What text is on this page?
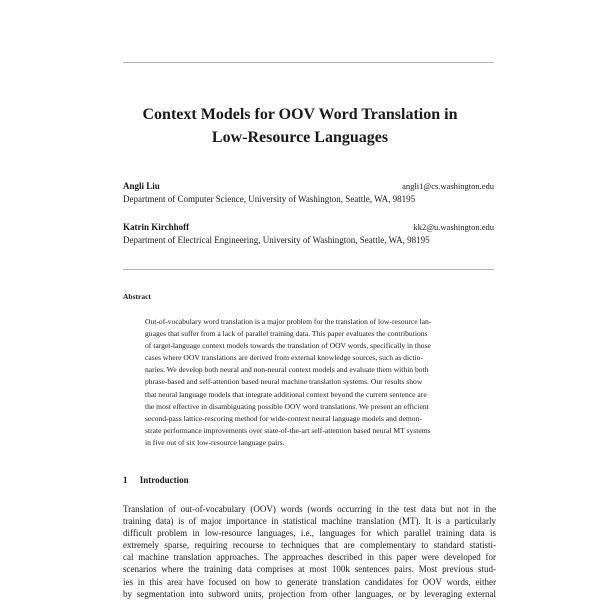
Context Models for OOV Word Translation in
Low-Resource Languages
Angli Liu	angli1@cs.washington.edu
Department of Computer Science, University of Washington, Seattle, WA, 98195
Katrin Kirchhoff	kk2@u.washington.edu
Department of Electrical Engineering, University of Washington, Seattle, WA, 98195
Abstract
Out-of-vocabulary word translation is a major problem for the translation of low-resource lan-
guages that suffer from a lack of parallel training data. This paper evaluates the contributions
of target-language context models towards the translation of OOV words, specifically in those
cases where OOV translations are derived from external knowledge sources, such as dictio-
naries. We develop both neural and non-neural context models and evaluate them within both
phrase-based and self-attention based neural machine translation systems. Our results show
that neural language models that integrate additional context beyond the current sentence are
the most effective in disambiguating possible OOV word translations. We present an efficient
second-pass lattice-rescoring method for wide-context neural language models and demon-
strate performance improvements over state-of-the-art self-attention based neural MT systems
in five out of six low-resource language pairs.
1 Introduction
Translation of out-of-vocabulary (OOV) words (words occurring in the test data but not in the
training data) is of major importance in statistical machine translation (MT). It is a particularly
difficult problem in low-resource languages, i.e., languages for which parallel training data is
extremely sparse, requiring recourse to techniques that are complementary to standard statisti-
cal machine translation approaches. The approaches described in this paper were developed for
scenarios where the training data comprises at most 100k sentences pairs. Most previous stud-
ies in this area have focused on how to generate translation candidates for OOV words, either
by segmentation into subword units, projection from other languages, or by leveraging external
